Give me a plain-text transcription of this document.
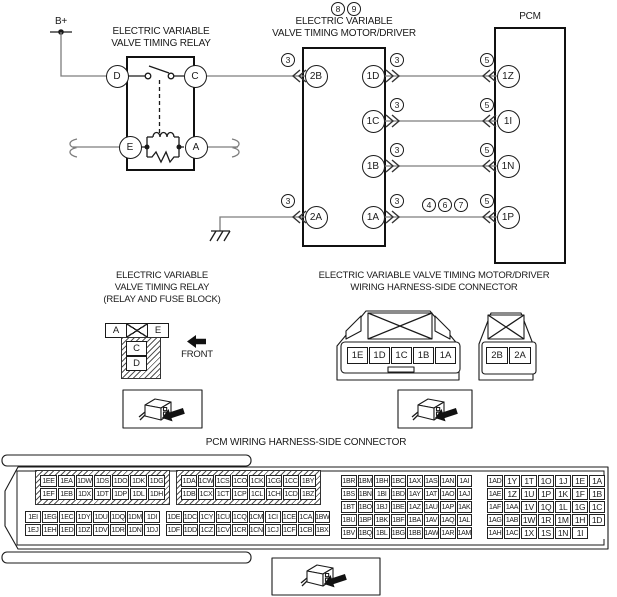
B+
ELECTRIC VARIABLE
VALVE TIMING RELAY
ELECTRIC VARIABLE
VALVE TIMING MOTOR/DRIVER
PCM
8	9
3
3
3
3
3
3
5
5
5
5
4	6	7
D	C
E	A
2B
2A
1D
1C
1B
1A
1Z
1I
1N
1P
ELECTRIC VARIABLE
VALVE TIMING RELAY
(RELAY AND FUSE BLOCK)
A	E
C
D
FRONT
ELECTRIC VARIABLE VALVE TIMING MOTOR/DRIVER
WIRING HARNESS-SIDE CONNECTOR
1E	1D	1C	1B	1A	2B	2A
PCM WIRING HARNESS-SIDE CONNECTOR
1EE 1EA 1DW 1DS 1DO 1DK 1DG
1EF 1EB 1DX 1DT 1DP 1DL 1DH
1DA 1CW 1CS 1CO 1CK 1CG 1CC 1BY
1DB 1CX 1CT 1CP 1CL 1CH 1CD 1BZ
1EI 1EG 1EC 1DY 1DU 1DQ 1DM 1DI
1EJ 1EH 1ED 1DZ 1DV 1DR 1DN 1DJ
1DE 1DC 1CY 1CU 1CQ 1CM 1CI 1CE 1CA 1BW
1DF 1DD 1CZ 1CV 1CR 1CN 1CJ 1CF 1CB 1BX
1BR 1BM 1BH 1BC 1AX 1AS 1AN 1AI
1BS 1BN 1BI 1BD 1AY 1AT 1AO 1AJ
1BT 1BO 1BJ 1BE 1AZ 1AU 1AP 1AK
1BU 1BP 1BK 1BF 1BA 1AV 1AQ 1AL
1BV 1BQ 1BL 1BG 1BB 1AW 1AR 1AM
1AD 1Y 1T 1O 1J 1E 1A
1AE 1Z 1U 1P 1K 1F 1B
1AF 1AA 1V 1Q 1L 1G 1C
1AG 1AB 1W 1R 1M 1H 1D
1AH 1AC 1X 1S 1N	1I
